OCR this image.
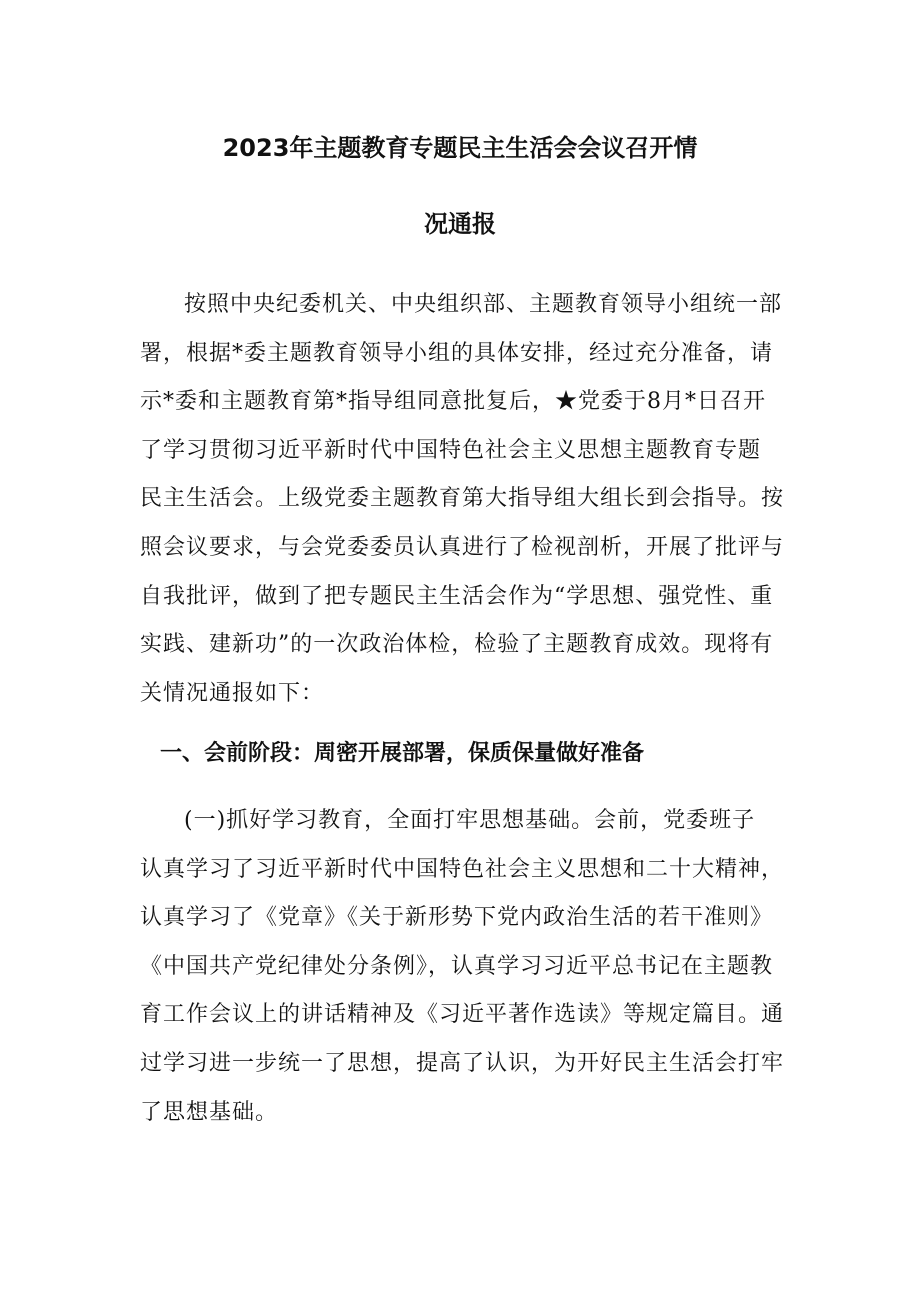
2023年主题教育专题民主生活会会议召开情
况通报
按照中央纪委机关、中央组织部、主题教育领导小组统一部
署，根据*委主题教育领导小组的具体安排，经过充分准备，请
示*委和主题教育第*指导组同意批复后，★党委于8月*日召开
了学习贯彻习近平新时代中国特色社会主义思想主题教育专题
民主生活会。上级党委主题教育第大指导组大组长到会指导。按
照会议要求，与会党委委员认真进行了检视剖析，开展了批评与
自我批评，做到了把专题民主生活会作为“学思想、强党性、重
实践、建新功”的一次政治体检，检验了主题教育成效。现将有
关情况通报如下：
一、会前阶段：周密开展部署，保质保量做好准备
(一)抓好学习教育，全面打牢思想基础。会前，党委班子
认真学习了习近平新时代中国特色社会主义思想和二十大精神，
认真学习了《党章》《关于新形势下党内政治生活的若干准则》
《中国共产党纪律处分条例》，认真学习习近平总书记在主题教
育工作会议上的讲话精神及《习近平著作选读》等规定篇目。通
过学习进一步统一了思想，提高了认识，为开好民主生活会打牢
了思想基础。
